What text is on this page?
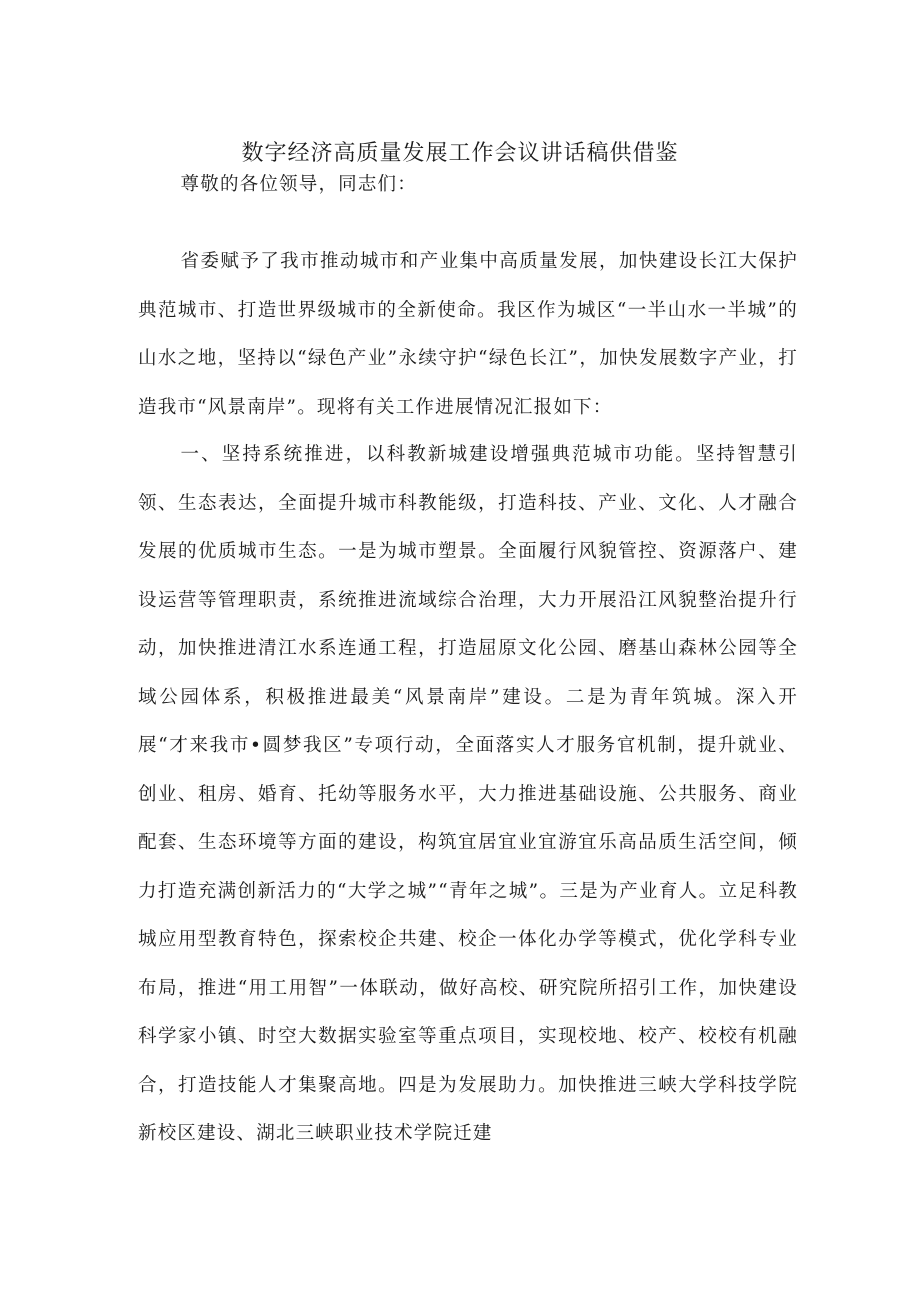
数字经济高质量发展工作会议讲话稿供借鉴

尊敬的各位领导，同志们：

省委赋予了我市推动城市和产业集中高质量发展，加快建设长江大保护典范城市、打造世界级城市的全新使命。我区作为城区“一半山水一半城”的山水之地，坚持以“绿色产业”永续守护“绿色长江”，加快发展数字产业，打造我市“风景南岸”。现将有关工作进展情况汇报如下：

一、坚持系统推进，以科教新城建设增强典范城市功能。坚持智慧引领、生态表达，全面提升城市科教能级，打造科技、产业、文化、人才融合发展的优质城市生态。一是为城市塑景。全面履行风貌管控、资源落户、建设运营等管理职责，系统推进流域综合治理，大力开展沿江风貌整治提升行动，加快推进清江水系连通工程，打造屈原文化公园、磨基山森林公园等全域公园体系，积极推进最美“风景南岸”建设。二是为青年筑城。深入开展“才来我市•圆梦我区”专项行动，全面落实人才服务官机制，提升就业、创业、租房、婚育、托幼等服务水平，大力推进基础设施、公共服务、商业配套、生态环境等方面的建设，构筑宜居宜业宜游宜乐高品质生活空间，倾力打造充满创新活力的“大学之城”“青年之城”。三是为产业育人。立足科教城应用型教育特色，探索校企共建、校企一体化办学等模式，优化学科专业布局，推进“用工用智”一体联动，做好高校、研究院所招引工作，加快建设科学家小镇、时空大数据实验室等重点项目，实现校地、校产、校校有机融合，打造技能人才集聚高地。四是为发展助力。加快推进三峡大学科技学院新校区建设、湖北三峡职业技术学院迁建
